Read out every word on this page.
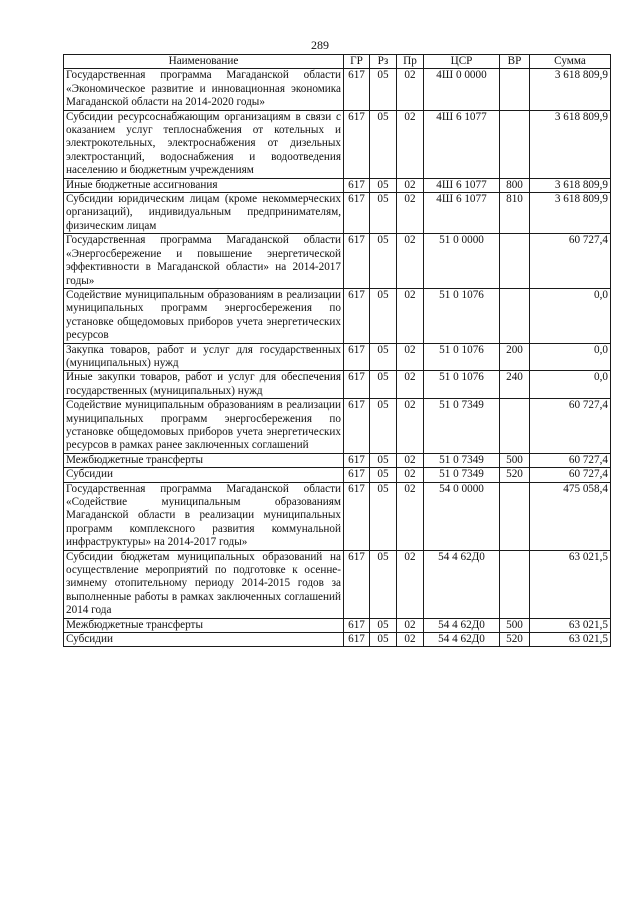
289
Наименование	ГР	Рз	Пр	ЦСР	ВР	Сумма
Государственная программа Магаданской области «Экономическое развитие и инновационная экономика Магаданской области на 2014-2020 годы»	617	05	02	4Ш 0 0000		3 618 809,9
Субсидии ресурсоснабжающим организациям в связи с оказанием услуг теплоснабжения от котельных и электрокотельных, электроснабжения от дизельных электростанций, водоснабжения и водоотведения населению и бюджетным учреждениям	617	05	02	4Ш 6 1077		3 618 809,9
Иные бюджетные ассигнования	617	05	02	4Ш 6 1077	800	3 618 809,9
Субсидии юридическим лицам (кроме некоммерческих организаций), индивидуальным предпринимателям, физическим лицам	617	05	02	4Ш 6 1077	810	3 618 809,9
Государственная программа Магаданской области «Энергосбережение и повышение энергетической эффективности в Магаданской области» на 2014-2017 годы»	617	05	02	51 0 0000		60 727,4
Содействие муниципальным образованиям в реализации муниципальных программ энергосбережения по установке общедомовых приборов учета энергетических ресурсов	617	05	02	51 0 1076		0,0
Закупка товаров, работ и услуг для государственных (муниципальных) нужд	617	05	02	51 0 1076	200	0,0
Иные закупки товаров, работ и услуг для обеспечения государственных (муниципальных) нужд	617	05	02	51 0 1076	240	0,0
Содействие муниципальным образованиям в реализации муниципальных программ энергосбережения по установке общедомовых приборов учета энергетических ресурсов в рамках ранее заключенных соглашений	617	05	02	51 0 7349		60 727,4
Межбюджетные трансферты	617	05	02	51 0 7349	500	60 727,4
Субсидии	617	05	02	51 0 7349	520	60 727,4
Государственная программа Магаданской области «Содействие муниципальным образованиям Магаданской области в реализации муниципальных программ комплексного развития коммунальной инфраструктуры» на 2014-2017 годы»	617	05	02	54 0 0000		475 058,4
Субсидии бюджетам муниципальных образований на осуществление мероприятий по подготовке к осенне-зимнему отопительному периоду 2014-2015 годов за выполненные работы в рамках заключенных соглашений 2014 года	617	05	02	54 4 62Д0		63 021,5
Межбюджетные трансферты	617	05	02	54 4 62Д0	500	63 021,5
Субсидии	617	05	02	54 4 62Д0	520	63 021,5
